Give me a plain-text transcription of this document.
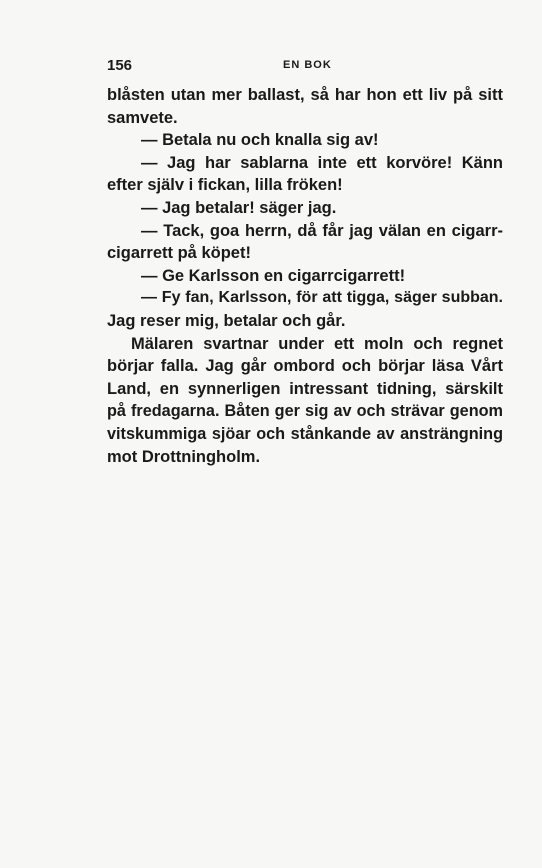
156	EN BOK
blåsten utan mer ballast, så har hon ett liv på sitt
samvete.
— Betala nu och knalla sig av!
— Jag har sablarna inte ett korvöre! Känn
efter själv i fickan, lilla fröken!
— Jag betalar! säger jag.
— Tack, goa herrn, då får jag välan en cigarr-
cigarrett på köpet!
— Ge Karlsson en cigarrcigarrett!
— Fy fan, Karlsson, för att tigga, säger subban.
Jag reser mig, betalar och går.
Mälaren svartnar under ett moln och regnet
börjar falla. Jag går ombord och börjar läsa Vårt
Land, en synnerligen intressant tidning, särskilt
på fredagarna. Båten ger sig av och strävar genom
vitskummiga sjöar och stånkande av ansträngning
mot Drottningholm.
